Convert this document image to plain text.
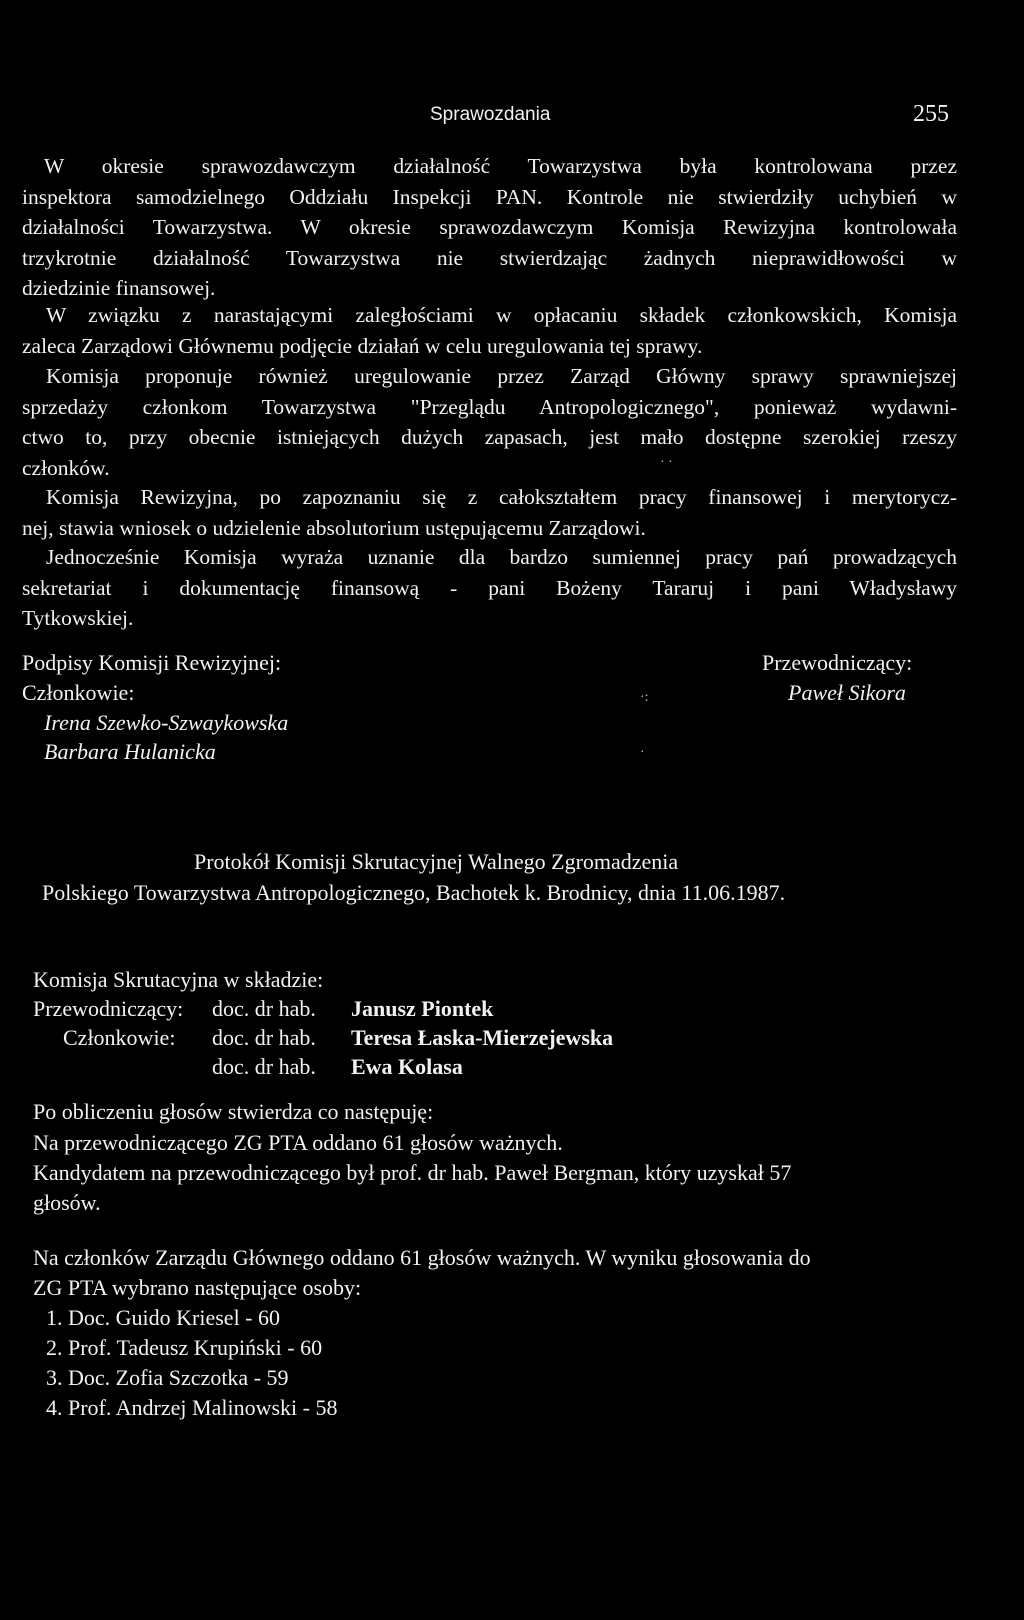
Sprawozdania	255
W okresie sprawozdawczym działalność Towarzystwa była kontrolowana przez
inspektora samodzielnego Oddziału Inspekcji PAN. Kontrole nie stwierdziły uchybień w
działalności Towarzystwa. W okresie sprawozdawczym Komisja Rewizyjna kontrolowała
trzykrotnie działalność Towarzystwa nie stwierdzając żadnych nieprawidłowości w
dziedzinie finansowej.
W związku z narastającymi zaległościami w opłacaniu składek członkowskich, Komisja
zaleca Zarządowi Głównemu podjęcie działań w celu uregulowania tej sprawy.
Komisja proponuje również uregulowanie przez Zarząd Główny sprawy sprawniejszej
sprzedaży członkom Towarzystwa "Przeglądu Antropologicznego", ponieważ wydawni-
ctwo to, przy obecnie istniejących dużych zapasach, jest mało dostępne szerokiej rzeszy
członków.
Komisja Rewizyjna, po zapoznaniu się z całokształtem pracy finansowej i merytorycz-
nej, stawia wniosek o udzielenie absolutorium ustępującemu Zarządowi.
Jednocześnie Komisja wyraża uznanie dla bardzo sumiennej pracy pań prowadzących
sekretariat i dokumentację finansową - pani Bożeny Tararuj i pani Władysławy
Tytkowskiej.
Podpisy Komisji Rewizyjnej:
Członkowie:
Irena Szewko-Szwaykowska
Barbara Hulanicka
Przewodniczący:
Paweł Sikora
Protokół Komisji Skrutacyjnej Walnego Zgromadzenia
Polskiego Towarzystwa Antropologicznego, Bachotek k. Brodnicy, dnia 11.06.1987.
Komisja Skrutacyjna w składzie:
Przewodniczący: doc. dr hab. Janusz Piontek
Członkowie: doc. dr hab. Teresa Łaska-Mierzejewska
doc. dr hab. Ewa Kolasa
Po obliczeniu głosów stwierdza co następuję:
Na przewodniczącego ZG PTA oddano 61 głosów ważnych.
Kandydatem na przewodniczącego był prof. dr hab. Paweł Bergman, który uzyskał 57
głosów.
Na członków Zarządu Głównego oddano 61 głosów ważnych. W wyniku głosowania do
ZG PTA wybrano następujące osoby:
1. Doc. Guido Kriesel - 60
2. Prof. Tadeusz Krupiński - 60
3. Doc. Zofia Szczotka - 59
4. Prof. Andrzej Malinowski - 58
· ·
·:
·
